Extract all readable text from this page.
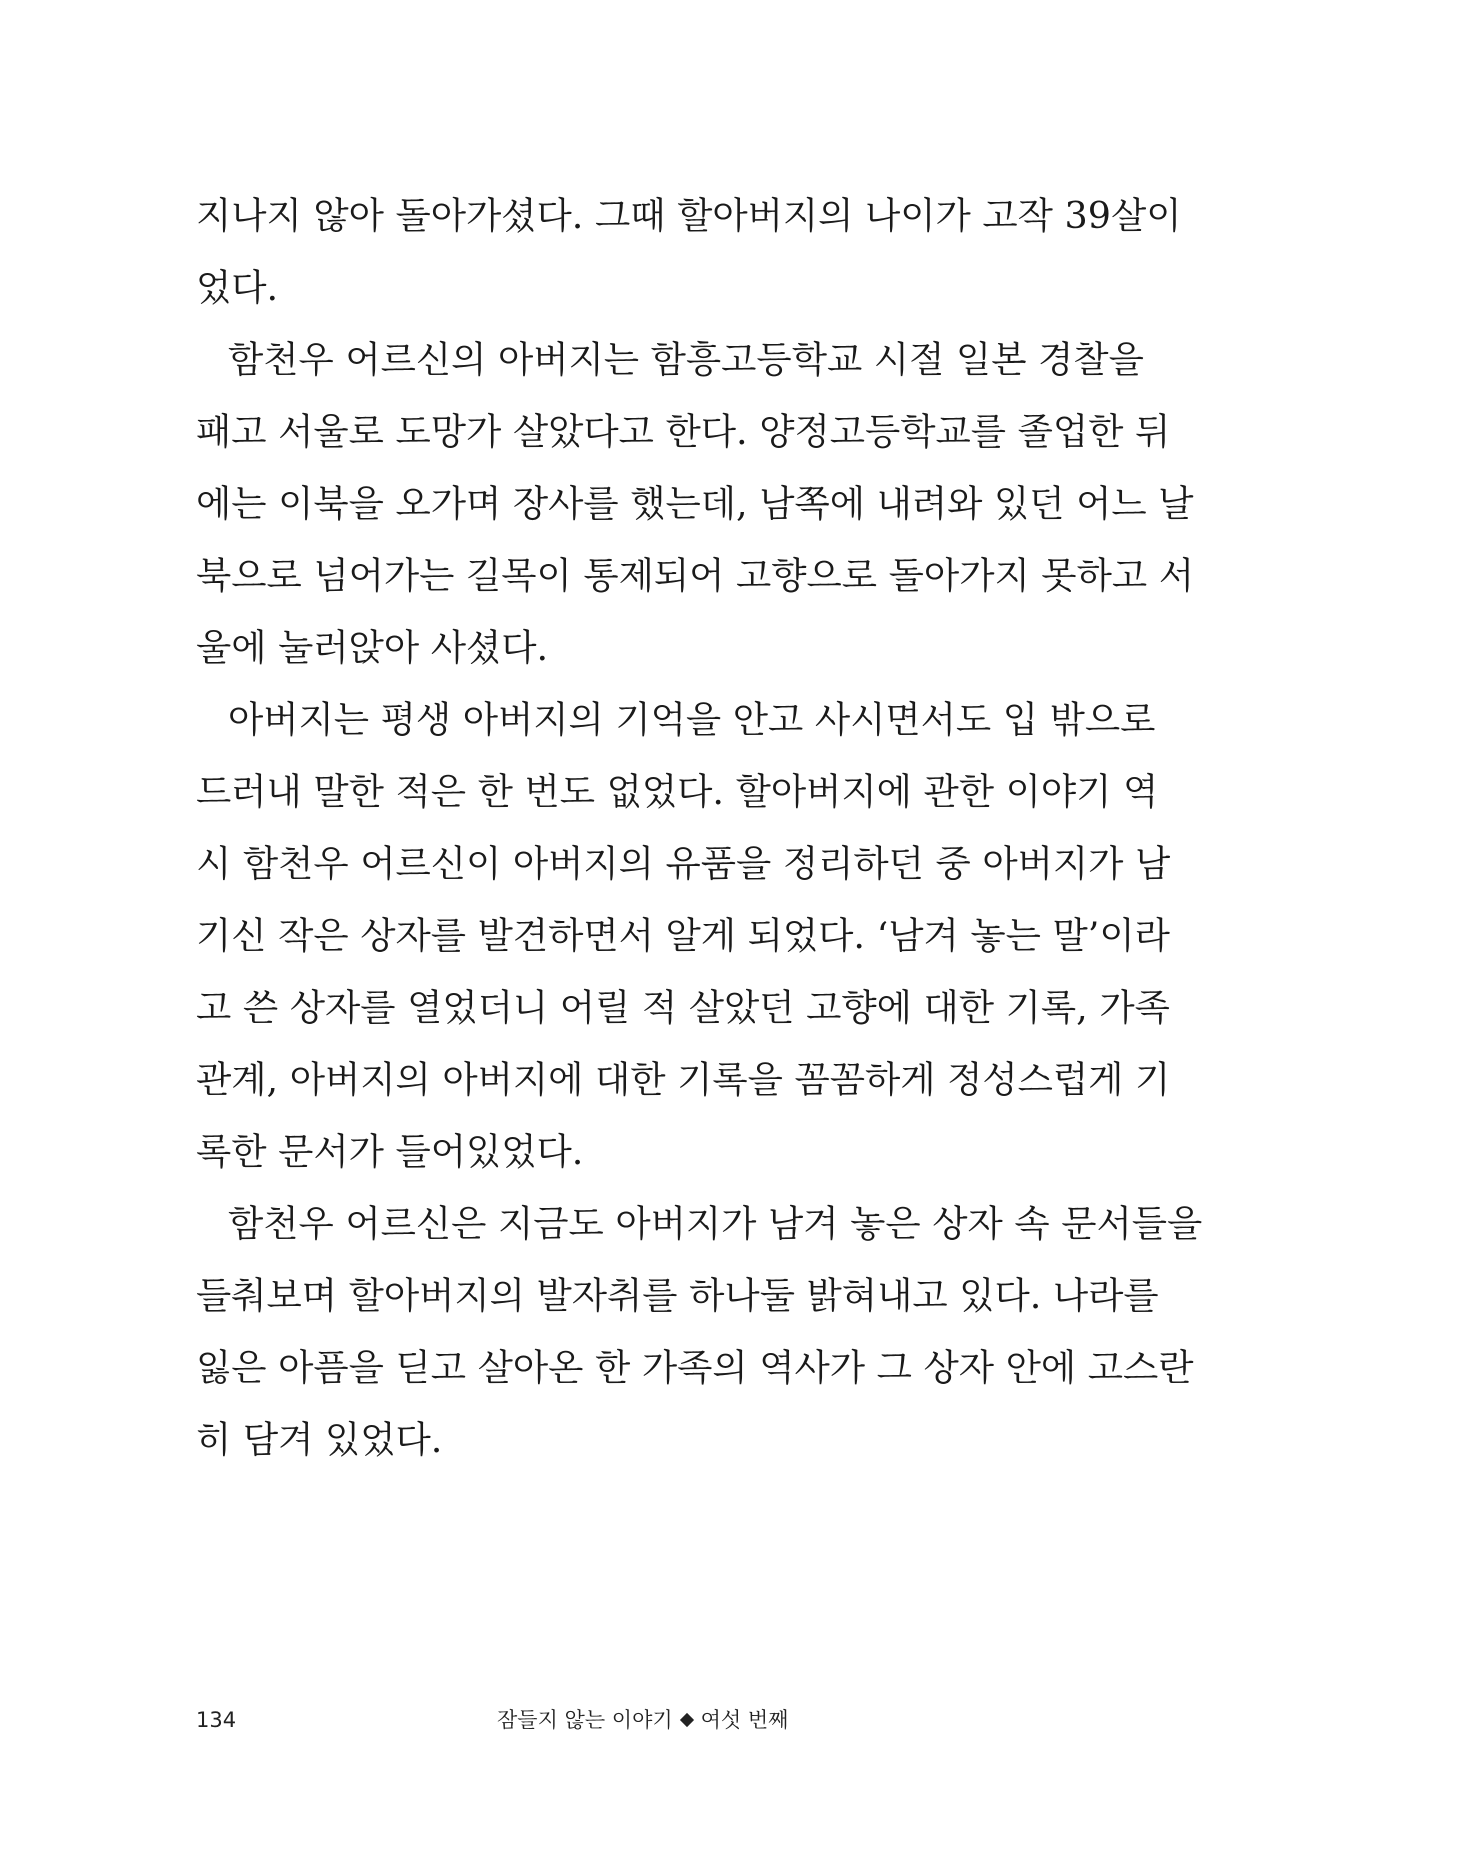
지나지 않아 돌아가셨다. 그때 할아버지의 나이가 고작 39살이
었다.
함천우 어르신의 아버지는 함흥고등학교 시절 일본 경찰을
패고 서울로 도망가 살았다고 한다. 양정고등학교를 졸업한 뒤
에는 이북을 오가며 장사를 했는데, 남쪽에 내려와 있던 어느 날
북으로 넘어가는 길목이 통제되어 고향으로 돌아가지 못하고 서
울에 눌러앉아 사셨다.
아버지는 평생 아버지의 기억을 안고 사시면서도 입 밖으로
드러내 말한 적은 한 번도 없었다. 할아버지에 관한 이야기 역
시 함천우 어르신이 아버지의 유품을 정리하던 중 아버지가 남
기신 작은 상자를 발견하면서 알게 되었다. ‘남겨 놓는 말’이라
고 쓴 상자를 열었더니 어릴 적 살았던 고향에 대한 기록, 가족
관계, 아버지의 아버지에 대한 기록을 꼼꼼하게 정성스럽게 기
록한 문서가 들어있었다.
함천우 어르신은 지금도 아버지가 남겨 놓은 상자 속 문서들을
들춰보며 할아버지의 발자취를 하나둘 밝혀내고 있다. 나라를
잃은 아픔을 딛고 살아온 한 가족의 역사가 그 상자 안에 고스란
히 담겨 있었다.
134	잠들지 않는 이야기 여섯 번째
